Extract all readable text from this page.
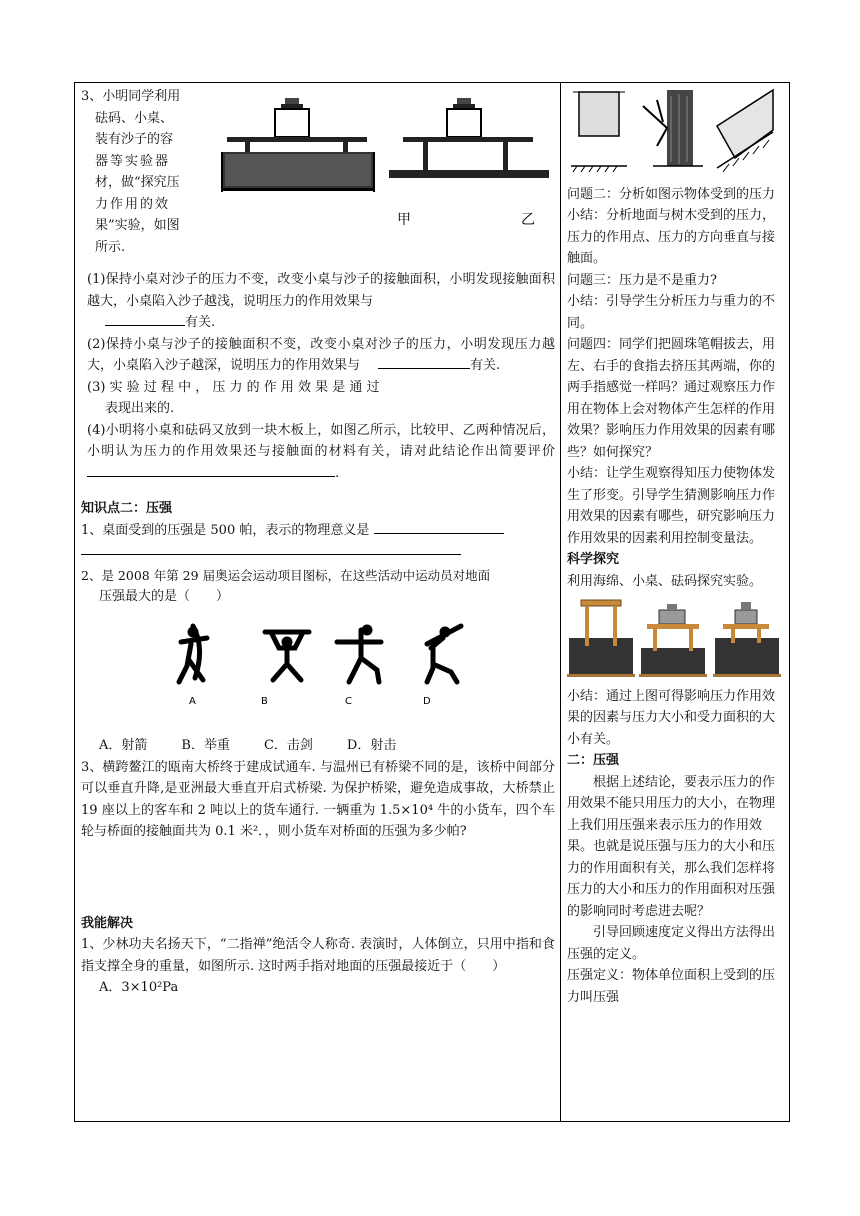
3、小明同学利用

砝码、小桌、

装有沙子的容

器等实验器

材，做“探究压

力作用的效

果”实验，如图

所示.

甲	乙

(1)保持小桌对沙子的压力不变，改变小桌与沙子的接触面积，小明发现接触面积越大，小桌陷入沙子越浅，说明压力的作用效果与
有关.

(2)保持小桌与沙子的接触面积不变，改变小桌对沙子的压力，小明发现压力越大，小桌陷入沙子越深，说明压力的作用效果与	有关.

(3) 实 验 过 程 中 ， 压 力 的 作 用 效 果 是 通 过
表现出来的.

(4)小明将小桌和砝码又放到一块木板上，如图乙所示，比较甲、乙两种情况后，小明认为压力的作用效果还与接触面的材料有关，请对此结论作出简要评价 .

知识点二：压强

1、桌面受到的压强是 500 帕，表示的物理意义是

2、是 2008 年第 29 届奥运会运动项目图标，在这些活动中运动员对地面

压强最大的是（　　）

A	B	C	D

A．射箭	B．举重	C．击剑	D．射击

3、横跨鳌江的瓯南大桥终于建成试通车. 与温州已有桥梁不同的是，该桥中间部分可以垂直升降,是亚洲最大垂直开启式桥梁. 为保护桥梁，避免造成事故，大桥禁止 19 座以上的客车和 2 吨以上的货车通行. 一辆重为 1.5×10⁴ 牛的小货车，四个车轮与桥面的接触面共为 0.1 米²．，则小货车对桥面的压强为多少帕?

我能解决

1、少林功夫名扬天下，“二指禅”绝活令人称奇. 表演时，人体倒立，只用中指和食指支撑全身的重量，如图所示. 这时两手指对地面的压强最接近于（　　）

A．3×10²Pa

问题二：分析如图示物体受到的压力

小结：分析地面与树木受到的压力，压力的作用点、压力的方向垂直与接触面。

问题三：压力是不是重力?

小结：引导学生分析压力与重力的不同。

问题四：同学们把圆珠笔帽拔去，用左、右手的食指去挤压其两端，你的两手指感觉一样吗？通过观察压力作用在物体上会对物体产生怎样的作用效果？影响压力作用效果的因素有哪些？如何探究？

小结：让学生观察得知压力使物体发生了形变。引导学生猜测影响压力作用效果的因素有哪些，研究影响压力作用效果的因素利用控制变量法。

科学探究

利用海绵、小桌、砝码探究实验。

小结：通过上图可得影响压力作用效果的因素与压力大小和受力面积的大小有关。

二：压强

根据上述结论，要表示压力的作用效果不能只用压力的大小，在物理上我们用压强来表示压力的作用效果。也就是说压强与压力的大小和压力的作用面积有关，那么我们怎样将压力的大小和压力的作用面积对压强的影响同时考虑进去呢？

引导回顾速度定义得出方法得出压强的定义。

压强定义：物体单位面积上受到的压力叫压强
